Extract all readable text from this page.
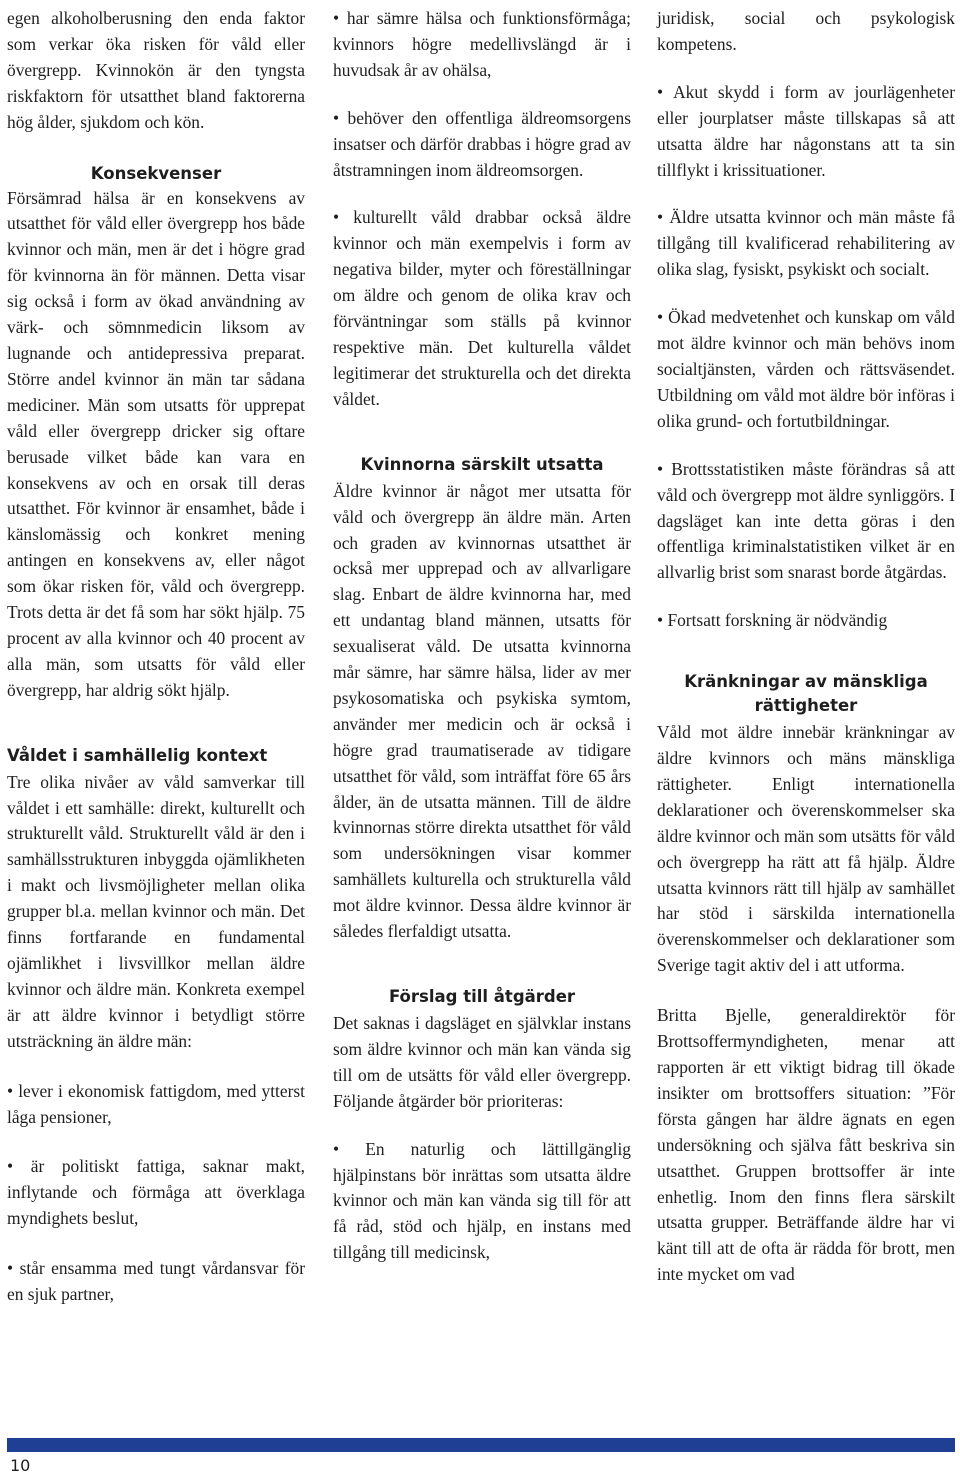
egen alkoholberusning den enda faktor som verkar öka risken för våld eller övergrepp. Kvinnokön är den tyngsta riskfaktorn för utsatthet bland faktorerna hög ålder, sjukdom och kön.

Konsekvenser

Försämrad hälsa är en konsekvens av utsatthet för våld eller övergrepp hos både kvinnor och män, men är det i högre grad för kvinnorna än för männen. Detta visar sig också i form av ökad användning av värk- och sömnmedicin liksom av lugnande och antidepressiva preparat. Större andel kvinnor än män tar sådana mediciner. Män som utsatts för upprepat våld eller övergrepp dricker sig oftare berusade vilket både kan vara en konsekvens av och en orsak till deras utsatthet. För kvinnor är ensamhet, både i känslomässig och konkret mening antingen en konsekvens av, eller något som ökar risken för, våld och övergrepp. Trots detta är det få som har sökt hjälp. 75 procent av alla kvinnor och 40 procent av alla män, som utsatts för våld eller övergrepp, har aldrig sökt hjälp.

Våldet i samhällelig kontext

Tre olika nivåer av våld samverkar till våldet i ett samhälle: direkt, kulturellt och strukturellt våld. Strukturellt våld är den i samhällsstrukturen inbyggda ojämlikheten i makt och livsmöjligheter mellan olika grupper bl.a. mellan kvinnor och män. Det finns fortfarande en fundamental ojämlikhet i livsvillkor mellan äldre kvinnor och äldre män. Konkreta exempel är att äldre kvinnor i betydligt större utsträckning än äldre män:

• lever i ekonomisk fattigdom, med ytterst låga pensioner,

• är politiskt fattiga, saknar makt, inflytande och förmåga att överklaga myndighets beslut,

• står ensamma med tungt vårdansvar för en sjuk partner,

• har sämre hälsa och funktionsförmåga; kvinnors högre medellivslängd är i huvudsak år av ohälsa,

• behöver den offentliga äldreomsorgens insatser och därför drabbas i högre grad av åtstramningen inom äldreomsorgen.

• kulturellt våld drabbar också äldre kvinnor och män exempelvis i form av negativa bilder, myter och föreställningar om äldre och genom de olika krav och förväntningar som ställs på kvinnor respektive män. Det kulturella våldet legitimerar det strukturella och det direkta våldet.

Kvinnorna särskilt utsatta

Äldre kvinnor är något mer utsatta för våld och övergrepp än äldre män. Arten och graden av kvinnornas utsatthet är också mer upprepad och av allvarligare slag. Enbart de äldre kvinnorna har, med ett undantag bland männen, utsatts för sexualiserat våld. De utsatta kvinnorna mår sämre, har sämre hälsa, lider av mer psykosomatiska och psykiska symtom, använder mer medicin och är också i högre grad traumatiserade av tidigare utsatthet för våld, som inträffat före 65 års ålder, än de utsatta männen. Till de äldre kvinnornas större direkta utsatthet för våld som undersökningen visar kommer samhällets kulturella och strukturella våld mot äldre kvinnor. Dessa äldre kvinnor är således flerfaldigt utsatta.

Förslag till åtgärder

Det saknas i dagsläget en självklar instans som äldre kvinnor och män kan vända sig till om de utsätts för våld eller övergrepp. Följande åtgärder bör prioriteras:

• En naturlig och lättillgänglig hjälpinstans bör inrättas som utsatta äldre kvinnor och män kan vända sig till för att få råd, stöd och hjälp, en instans med tillgång till medicinsk,

juridisk, social och psykologisk kompetens.

• Akut skydd i form av jourlägenheter eller jourplatser måste tillskapas så att utsatta äldre har någonstans att ta sin tillflykt i krissituationer.

• Äldre utsatta kvinnor och män måste få tillgång till kvalificerad rehabilitering av olika slag, fysiskt, psykiskt och socialt.

• Ökad medvetenhet och kunskap om våld mot äldre kvinnor och män behövs inom socialtjänsten, vården och rättsväsendet. Utbildning om våld mot äldre bör införas i olika grund- och fortutbildningar.

• Brottsstatistiken måste förändras så att våld och övergrepp mot äldre synliggörs. I dagsläget kan inte detta göras i den offentliga kriminalstatistiken vilket är en allvarlig brist som snarast borde åtgärdas.

• Fortsatt forskning är nödvändig

Kränkningar av mänskliga rättigheter

Våld mot äldre innebär kränkningar av äldre kvinnors och mäns mänskliga rättigheter. Enligt internationella deklarationer och överenskommelser ska äldre kvinnor och män som utsätts för våld och övergrepp ha rätt att få hjälp. Äldre utsatta kvinnors rätt till hjälp av samhället har stöd i särskilda internationella överenskommelser och deklarationer som Sverige tagit aktiv del i att utforma.

Britta Bjelle, generaldirektör för Brottsoffermyndigheten, menar att rapporten är ett viktigt bidrag till ökade insikter om brottsoffers situation: ”För första gången har äldre ägnats en egen undersökning och själva fått beskriva sin utsatthet. Gruppen brottsoffer är inte enhetlig. Inom den finns flera särskilt utsatta grupper. Beträffande äldre har vi känt till att de ofta är rädda för brott, men inte mycket om vad

10
